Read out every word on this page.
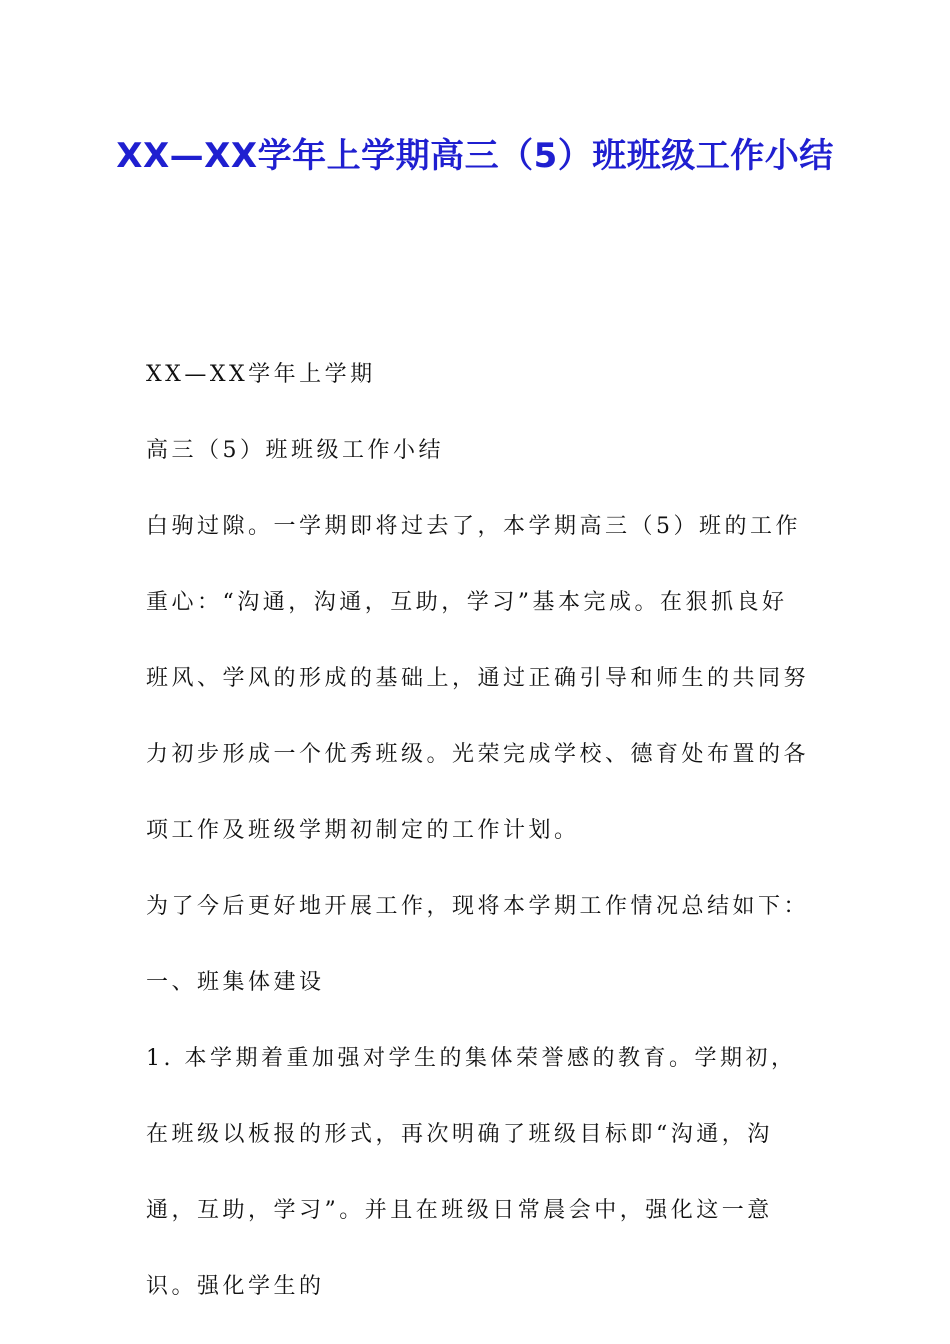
XX—XX学年上学期高三（5）班班级工作小结

XX—XX学年上学期

高三（5）班班级工作小结

白驹过隙。一学期即将过去了，本学期高三（5）班的工作重心：“沟通，沟通，互助，学习”基本完成。在狠抓良好班风、学风的形成的基础上，通过正确引导和师生的共同努力初步形成一个优秀班级。光荣完成学校、德育处布置的各项工作及班级学期初制定的工作计划。

为了今后更好地开展工作，现将本学期工作情况总结如下：

一、班集体建设

1. 本学期着重加强对学生的集体荣誉感的教育。学期初，在班级以板报的形式，再次明确了班级目标即“沟通，沟通，互助，学习”。并且在班级日常晨会中，强化这一意识。强化学生的
